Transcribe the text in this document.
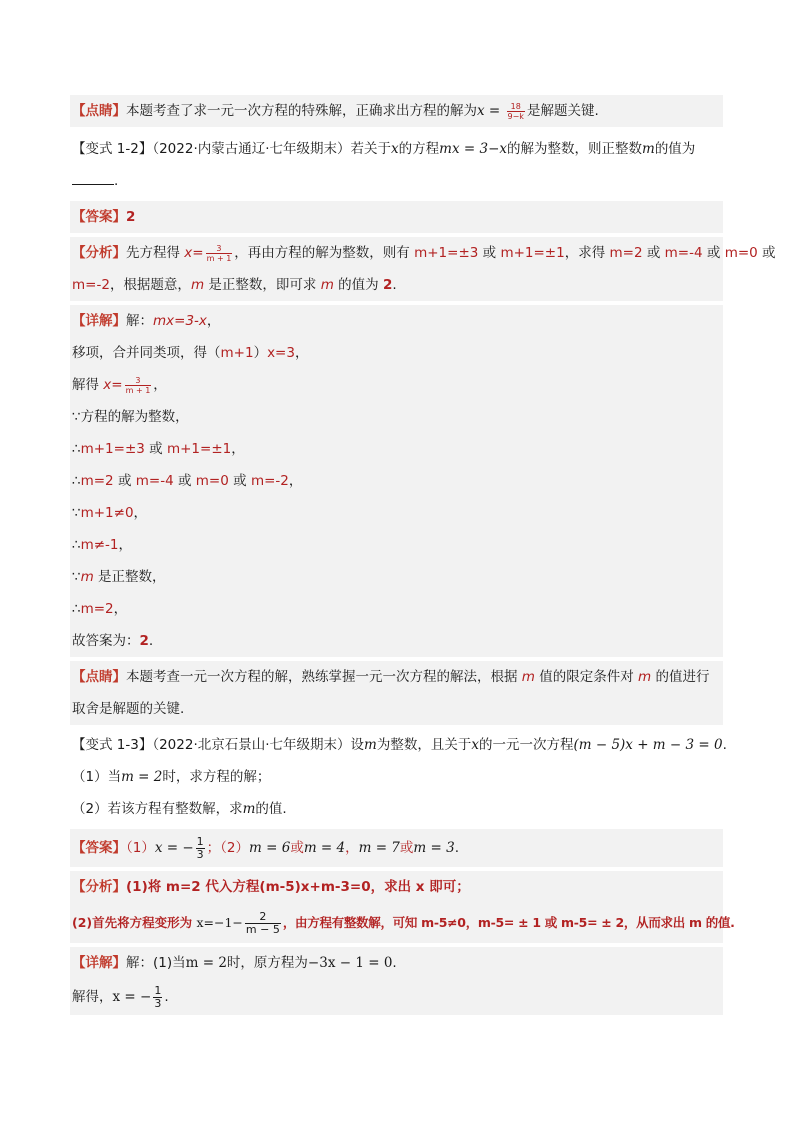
【点睛】本题考查了求一元一次方程的特殊解，正确求出方程的解为$x = \frac{18}{9-k}$ 是解题关键.
【变式 1-2】（2022·内蒙古通辽·七年级期末）若关于x的方程mx = 3−x的解为整数，则正整数m的值为
.
【答案】2
【分析】先方程得 $x= \frac{3}{m + 1}$ ，再由方程的解为整数，则有 m+1=±3 或 m+1=±1，求得 m=2 或 m=-4 或 m=0 或
m=-2，根据题意，m 是正整数，即可求 m 的值为 2.
【详解】解：mx=3-x，
移项，合并同类项，得（m+1）x=3，
解得 $x= \frac{3}{m + 1}$ ，
∵方程的解为整数，
∴m+1=±3 或 m+1=±1，
∴m=2 或 m=-4 或 m=0 或 m=-2，
∵m+1≠0，
∴m≠-1，
∵m 是正整数，
∴m=2，
故答案为：2.
【点睛】本题考查一元一次方程的解，熟练掌握一元一次方程的解法，根据 m 值的限定条件对 m 的值进行
取舍是解题的关键.
【变式 1-3】（2022·北京石景山·七年级期末）设m为整数，且关于x的一元一次方程(m − 5)x + m − 3 = 0.
（1）当m = 2时，求方程的解；
（2）若该方程有整数解，求m的值.
【答案】（1）x = − $\frac{1}{3}$ ；（2）m = 6或m = 4，m = 7或m = 3.
【分析】(1)将 m=2 代入方程(m-5)x+m-3=0，求出 x 即可；
(2)首先将方程变形为 $x=-1- \frac{2}{m - 5}$ ，由方程有整数解，可知 m-5≠0，m-5= ± 1 或 m-5= ± 2，从而求出 m 的值.
【详解】解：(1)当m = 2时，原方程为−3x − 1 = 0.
解得，x = − $\frac{1}{3}$ .
